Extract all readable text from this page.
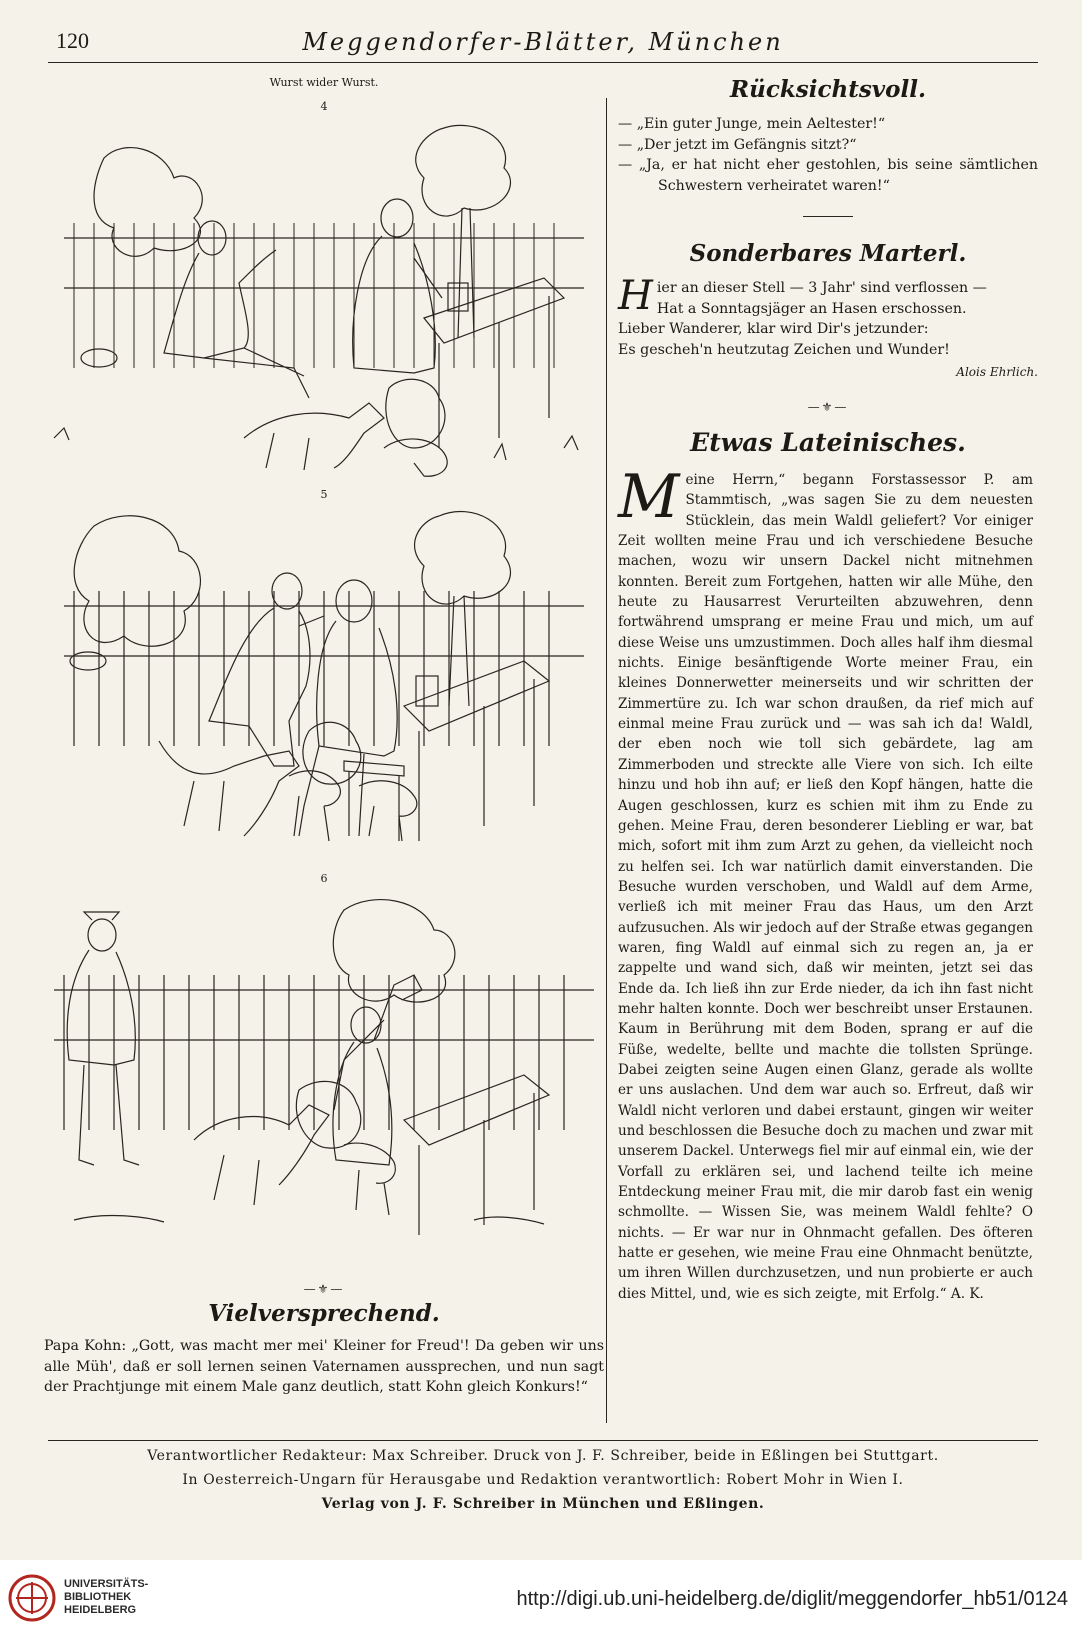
120	Meggendorfer-Blätter, München
Wurst wider Wurst.
4
5
6
—⚜—
Vielversprechend.

Papa Kohn: „Gott, was macht mer mei' Kleiner for Freud'! Da geben wir uns alle Müh', daß er soll lernen seinen Vaternamen aussprechen, und nun sagt der Prachtjunge mit einem Male ganz deutlich, statt Kohn gleich Konkurs!“

Rücksichtsvoll.

— „Ein guter Junge, mein Aeltester!“

— „Der jetzt im Gefängnis sitzt?“

— „Ja, er hat nicht eher gestohlen, bis seine sämtlichen Schwestern verheiratet waren!“

Sonderbares Marterl.
H ier an dieser Stell — 3 Jahr' sind verflossen —

Hat a Sonntagsjäger an Hasen erschossen.

Lieber Wanderer, klar wird Dir's jetzunder:

Es gescheh'n heutzutag Zeichen und Wunder!

Alois Ehrlich.
—⚜—
Etwas Lateinisches.
M eine Herrn,“ begann Forstassessor P. am Stammtisch, „was sagen Sie zu dem neuesten Stücklein, das mein Waldl geliefert? Vor einiger Zeit wollten meine Frau und ich verschiedene Besuche machen, wozu wir unsern Dackel nicht mitnehmen konnten. Bereit zum Fortgehen, hatten wir alle Mühe, den heute zu Hausarrest Verurteilten abzuwehren, denn fortwährend umsprang er meine Frau und mich, um auf diese Weise uns umzustimmen. Doch alles half ihm diesmal nichts. Einige besänftigende Worte meiner Frau, ein kleines Donnerwetter meinerseits und wir schritten der Zimmertüre zu. Ich war schon draußen, da rief mich auf einmal meine Frau zurück und — was sah ich da! Waldl, der eben noch wie toll sich gebärdete, lag am Zimmerboden und streckte alle Viere von sich. Ich eilte hinzu und hob ihn auf; er ließ den Kopf hängen, hatte die Augen geschlossen, kurz es schien mit ihm zu Ende zu gehen. Meine Frau, deren besonderer Liebling er war, bat mich, sofort mit ihm zum Arzt zu gehen, da vielleicht noch zu helfen sei. Ich war natürlich damit einverstanden. Die Besuche wurden verschoben, und Waldl auf dem Arme, verließ ich mit meiner Frau das Haus, um den Arzt aufzusuchen. Als wir jedoch auf der Straße etwas gegangen waren, fing Waldl auf einmal sich zu regen an, ja er zappelte und wand sich, daß wir meinten, jetzt sei das Ende da. Ich ließ ihn zur Erde nieder, da ich ihn fast nicht mehr halten konnte. Doch wer beschreibt unser Erstaunen. Kaum in Berührung mit dem Boden, sprang er auf die Füße, wedelte, bellte und machte die tollsten Sprünge. Dabei zeigten seine Augen einen Glanz, gerade als wollte er uns auslachen. Und dem war auch so. Erfreut, daß wir Waldl nicht verloren und dabei erstaunt, gingen wir weiter und beschlossen die Besuche doch zu machen und zwar mit unserem Dackel. Unterwegs fiel mir auf einmal ein, wie der Vorfall zu erklären sei, und lachend teilte ich meine Entdeckung meiner Frau mit, die mir darob fast ein wenig schmollte. — Wissen Sie, was meinem Waldl fehlte? O nichts. — Er war nur in Ohnmacht gefallen. Des öfteren hatte er gesehen, wie meine Frau eine Ohnmacht benützte, um ihren Willen durchzusetzen, und nun probierte er auch dies Mittel, und, wie es sich zeigte, mit Erfolg.“ A. K.

Verantwortlicher Redakteur: Max Schreiber. Druck von J. F. Schreiber, beide in Eßlingen bei Stuttgart.
In Oesterreich-Ungarn für Herausgabe und Redaktion verantwortlich: Robert Mohr in Wien I.
Verlag von J. F. Schreiber in München und Eßlingen.
UNIVERSITÄTS-
BIBLIOTHEK
HEIDELBERG	http://digi.ub.uni-heidelberg.de/diglit/meggendorfer_hb51/0124
